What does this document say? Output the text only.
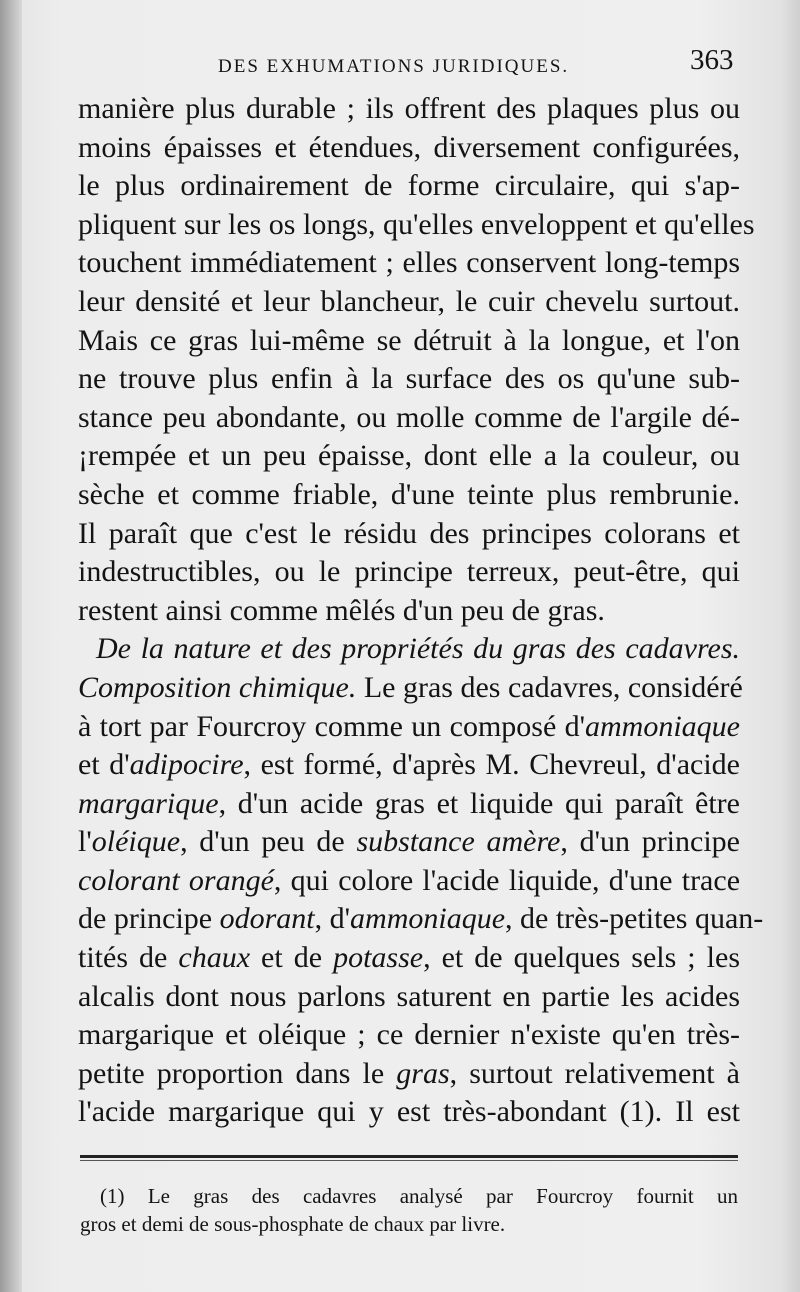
DES EXHUMATIONS JURIDIQUES.	363
manière plus durable ; ils offrent des plaques plus ou
moins épaisses et étendues, diversement configurées,
le plus ordinairement de forme circulaire, qui s'ap-
pliquent sur les os longs, qu'elles enveloppent et qu'elles
touchent immédiatement ; elles conservent long-temps
leur densité et leur blancheur, le cuir chevelu surtout.
Mais ce gras lui-même se détruit à la longue, et l'on
ne trouve plus enfin à la surface des os qu'une sub-
stance peu abondante, ou molle comme de l'argile dé-
¡rempée et un peu épaisse, dont elle a la couleur, ou
sèche et comme friable, d'une teinte plus rembrunie.
Il paraît que c'est le résidu des principes colorans et
indestructibles, ou le principe terreux, peut-être, qui
restent ainsi comme mêlés d'un peu de gras.
De la nature et des propriétés du gras des cadavres.
Composition chimique. Le gras des cadavres, considéré
à tort par Fourcroy comme un composé d'ammoniaque
et d'adipocire, est formé, d'après M. Chevreul, d'acide
margarique, d'un acide gras et liquide qui paraît être
l'oléique, d'un peu de substance amère, d'un principe
colorant orangé, qui colore l'acide liquide, d'une trace
de principe odorant, d'ammoniaque, de très-petites quan-
tités de chaux et de potasse, et de quelques sels ; les
alcalis dont nous parlons saturent en partie les acides
margarique et oléique ; ce dernier n'existe qu'en très-
petite proportion dans le gras, surtout relativement à
l'acide margarique qui y est très-abondant (1). Il est
(1) Le gras des cadavres analysé par Fourcroy fournit un
gros et demi de sous-phosphate de chaux par livre.
